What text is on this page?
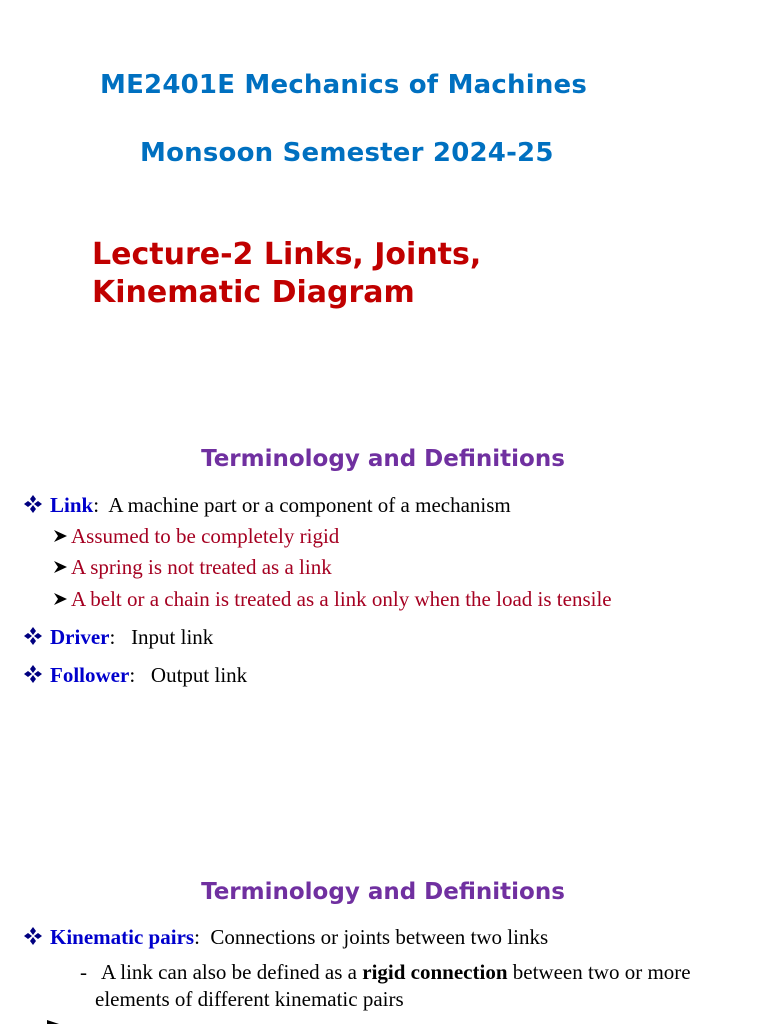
ME2401E Mechanics of Machines
Monsoon Semester 2024-25
Lecture-2 Links, Joints,
Kinematic Diagram
Terminology and Definitions
Link : A machine part or a component of a mechanism
Assumed to be completely rigid
A spring is not treated as a link
A belt or a chain is treated as a link only when the load is tensile
Driver : Input link
Follower : Output link
Terminology and Definitions
Kinematic pairs : Connections or joints between two links
- A link can also be defined as a rigid connection between two or more
elements of different kinematic pairs
